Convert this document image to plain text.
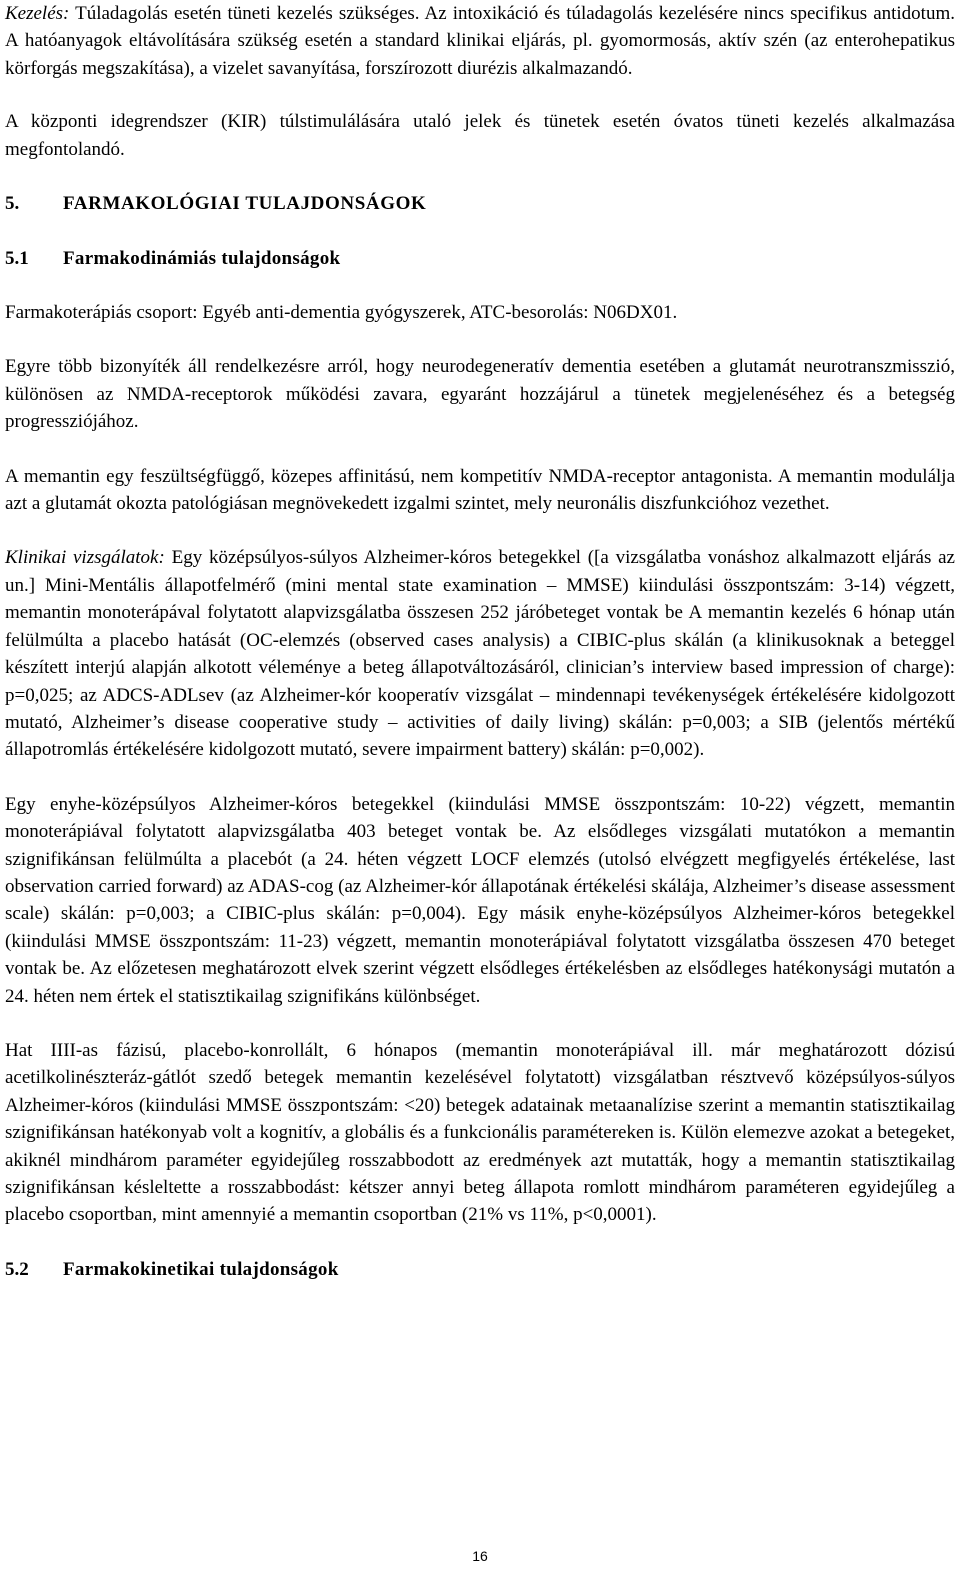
Kezelés: Túladagolás esetén tüneti kezelés szükséges. Az intoxikáció és túladagolás kezelésére nincs specifikus antidotum. A hatóanyagok eltávolítására szükség esetén a standard klinikai eljárás, pl. gyomormosás, aktív szén (az enterohepatikus körforgás megszakítása), a vizelet savanyítása, forszírozott diurézis alkalmazandó.

A központi idegrendszer (KIR) túlstimulálására utaló jelek és tünetek esetén óvatos tüneti kezelés alkalmazása megfontolandó.

5.	FARMAKOLÓGIAI TULAJDONSÁGOK
5.1	Farmakodinámiás tulajdonságok

Farmakoterápiás csoport: Egyéb anti-dementia gyógyszerek, ATC-besorolás: N06DX01.

Egyre több bizonyíték áll rendelkezésre arról, hogy neurodegeneratív dementia esetében a glutamát neurotranszmisszió, különösen az NMDA-receptorok működési zavara, egyaránt hozzájárul a tünetek megjelenéséhez és a betegség progressziójához.

A memantin egy feszültségfüggő, közepes affinitású, nem kompetitív NMDA-receptor antagonista. A memantin modulálja azt a glutamát okozta patológiásan megnövekedett izgalmi szintet, mely neuronális diszfunkcióhoz vezethet.

Klinikai vizsgálatok: Egy középsúlyos-súlyos Alzheimer-kóros betegekkel ([a vizsgálatba vonáshoz alkalmazott eljárás az un.] Mini-Mentális állapotfelmérő (mini mental state examination – MMSE) kiindulási összpontszám: 3-14) végzett, memantin monoterápával folytatott alapvizsgálatba összesen 252 járóbeteget vontak be A memantin kezelés 6 hónap után felülmúlta a placebo hatását (OC-elemzés (observed cases analysis) a CIBIC-plus skálán (a klinikusoknak a beteggel készített interjú alapján alkotott véleménye a beteg állapotváltozásáról, clinician’s interview based impression of charge): p=0,025; az ADCS-ADLsev (az Alzheimer-kór kooperatív vizsgálat – mindennapi tevékenységek értékelésére kidolgozott mutató, Alzheimer’s disease cooperative study – activities of daily living) skálán: p=0,003; a SIB (jelentős mértékű állapotromlás értékelésére kidolgozott mutató, severe impairment battery) skálán: p=0,002).

Egy enyhe-középsúlyos Alzheimer-kóros betegekkel (kiindulási MMSE összpontszám: 10-22) végzett, memantin monoterápiával folytatott alapvizsgálatba 403 beteget vontak be. Az elsődleges vizsgálati mutatókon a memantin szignifikánsan felülmúlta a placebót (a 24. héten végzett LOCF elemzés (utolsó elvégzett megfigyelés értékelése, last observation carried forward) az ADAS-cog (az Alzheimer-kór állapotának értékelési skálája, Alzheimer’s disease assessment scale) skálán: p=0,003; a CIBIC-plus skálán: p=0,004). Egy másik enyhe-középsúlyos Alzheimer-kóros betegekkel (kiindulási MMSE összpontszám: 11-23) végzett, memantin monoterápiával folytatott vizsgálatba összesen 470 beteget vontak be. Az előzetesen meghatározott elvek szerint végzett elsődleges értékelésben az elsődleges hatékonysági mutatón a 24. héten nem értek el statisztikailag szignifikáns különbséget.

Hat IIII-as fázisú, placebo-konrollált, 6 hónapos (memantin monoterápiával ill. már meghatározott dózisú acetilkolinészteráz-gátlót szedő betegek memantin kezelésével folytatott) vizsgálatban résztvevő középsúlyos-súlyos Alzheimer-kóros (kiindulási MMSE összpontszám: <20) betegek adatainak metaanalízise szerint a memantin statisztikailag szignifikánsan hatékonyab volt a kognitív, a globális és a funkcionális paramétereken is. Külön elemezve azokat a betegeket, akiknél mindhárom paraméter egyidejűleg rosszabbodott az eredmények azt mutatták, hogy a memantin statisztikailag szignifikánsan késleltette a rosszabbodást: kétszer annyi beteg állapota romlott mindhárom paraméteren egyidejűleg a placebo csoportban, mint amennyié a memantin csoportban (21% vs 11%, p<0,0001).

5.2	Farmakokinetikai tulajdonságok
16
